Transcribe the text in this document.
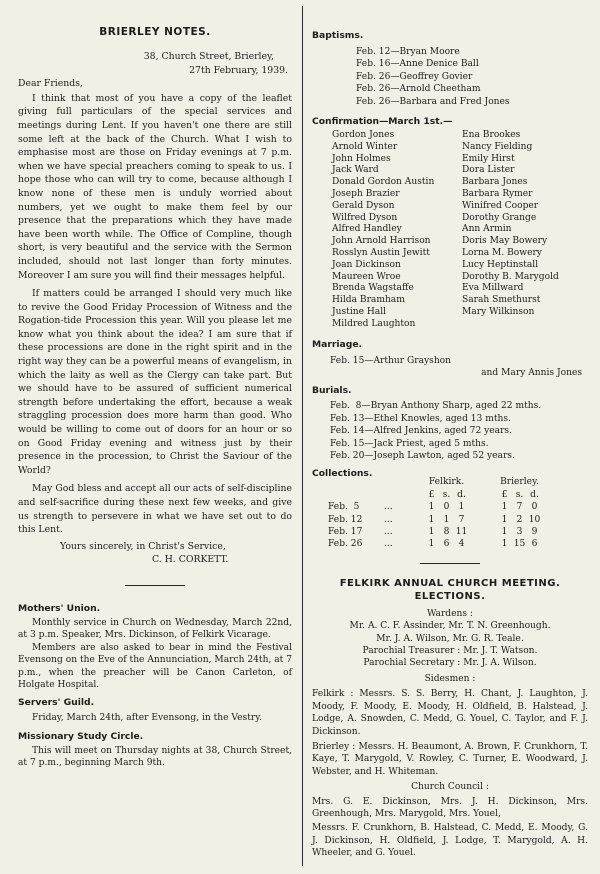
BRIERLEY NOTES.

38, Church Street, Brierley,

27th February, 1939.

Dear Friends,

I think that most of you have a copy of the leaflet giving full particulars of the special services and meetings during Lent. If you haven't one there are still some left at the back of the Church. What I wish to emphasise most are those on Friday evenings at 7 p.m. when we have special preachers coming to speak to us. I hope those who can will try to come, because although I know none of these men is unduly worried about numbers, yet we ought to make them feel by our presence that the preparations which they have made have been worth while. The Office of Compline, though short, is very beautiful and the service with the Sermon included, should not last longer than forty minutes. Moreover I am sure you will find their messages helpful.

If matters could be arranged I should very much like to revive the Good Friday Procession of Witness and the Rogation-tide Procession this year. Will you please let me know what you think about the idea? I am sure that if these processions are done in the right spirit and in the right way they can be a powerful means of evangelism, in which the laity as well as the Clergy can take part. But we should have to be assured of sufficient numerical strength before undertaking the effort, because a weak straggling procession does more harm than good. Who would be willing to come out of doors for an hour or so on Good Friday evening and witness just by their presence in the procession, to Christ the Saviour of the World?

May God bless and accept all our acts of self-discipline and self-sacrifice during these next few weeks, and give us strength to persevere in what we have set out to do this Lent.

Yours sincerely, in Christ's Service,

C. H. CORKETT.

Mothers' Union.

Monthly service in Church on Wednesday, March 22nd, at 3 p.m. Speaker, Mrs. Dickinson, of Felkirk Vicarage.

Members are also asked to bear in mind the Festival Evensong on the Eve of the Annunciation, March 24th, at 7 p.m., when the preacher will be Canon Carleton, of Holgate Hospital.

Servers' Guild.

Friday, March 24th, after Evensong, in the Vestry.

Missionary Study Circle.

This will meet on Thursday nights at 38, Church Street, at 7 p.m., beginning March 9th.

Baptisms.
Feb. 12—Bryan Moore
Feb. 16—Anne Denice Ball
Feb. 26—Geoffrey Govier
Feb. 26—Arnold Cheetham
Feb. 26—Barbara and Fred Jones
Confirmation—March 1st.—
Gordon Jones
Arnold Winter
John Holmes
Jack Ward
Donald Gordon Austin
Joseph Brazier
Gerald Dyson
Wilfred Dyson
Alfred Handley
John Arnold Harrison
Rosslyn Austin Jewitt
Joan Dickinson
Maureen Wroe
Brenda Wagstaffe
Hilda Bramham
Justine Hall
Mildred Laughton
Ena Brookes
Nancy Fielding
Emily Hirst
Dora Lister
Barbara Jones
Barbara Rymer
Winifred Cooper
Dorothy Grange
Ann Armin
Doris May Bowery
Lorna M. Bowery
Lucy Heptinstall
Dorothy B. Marygold
Eva Millward
Sarah Smethurst
Mary Wilkinson
Marriage.
Feb. 15—Arthur Grayshon
and Mary Annis Jones
Burials.
Feb.  8—Bryan Anthony Sharp, aged 22 mths.
Feb. 13—Ethel Knowles, aged 13 mths.
Feb. 14—Alfred Jenkins, aged 72 years.
Feb. 15—Jack Priest, aged 5 mths.
Feb. 20—Joseph Lawton, aged 52 years.
Collections.
		Felkirk.				Brierley.		
		£	s.	d.		£	s.	d.
Feb.  5	...	1	0	1		1	7	0
Feb. 12	...	1	1	7		1	2	10
Feb. 17	...	1	8	11		1	3	9
Feb. 26	...	1	6	4		1	15	6
FELKIRK ANNUAL CHURCH MEETING.
ELECTIONS.
Wardens :
Mr. A. C. F. Assinder, Mr. T. N. Greenhough.
Mr. J. A. Wilson, Mr. G. R. Teale.
Parochial Treasurer : Mr. J. T. Watson.
Parochial Secretary : Mr. J. A. Wilson.
Sidesmen :

Felkirk : Messrs. S. S. Berry, H. Chant, J. Laughton, J. Moody, F. Moody, E. Moody, H. Oldfield, B. Halstead, J. Lodge, A. Snowden, C. Medd, G. Youel, C. Taylor, and F. J. Dickinson.

Brierley : Messrs. H. Beaumont, A. Brown, F. Crunkhorn, T. Kaye, T. Marygold, V. Rowley, C. Turner, E. Woodward, J. Webster, and H. Whiteman.

Church Council :

Mrs. G. E. Dickinson, Mrs. J. H. Dickinson, Mrs. Greenhough, Mrs. Marygold, Mrs. Youel,

Messrs. F. Crunkhorn, B. Halstead, C. Medd, E. Moody, G. J. Dickinson, H. Oldfield, J. Lodge, T. Marygold, A. H. Wheeler, and G. Youel.
